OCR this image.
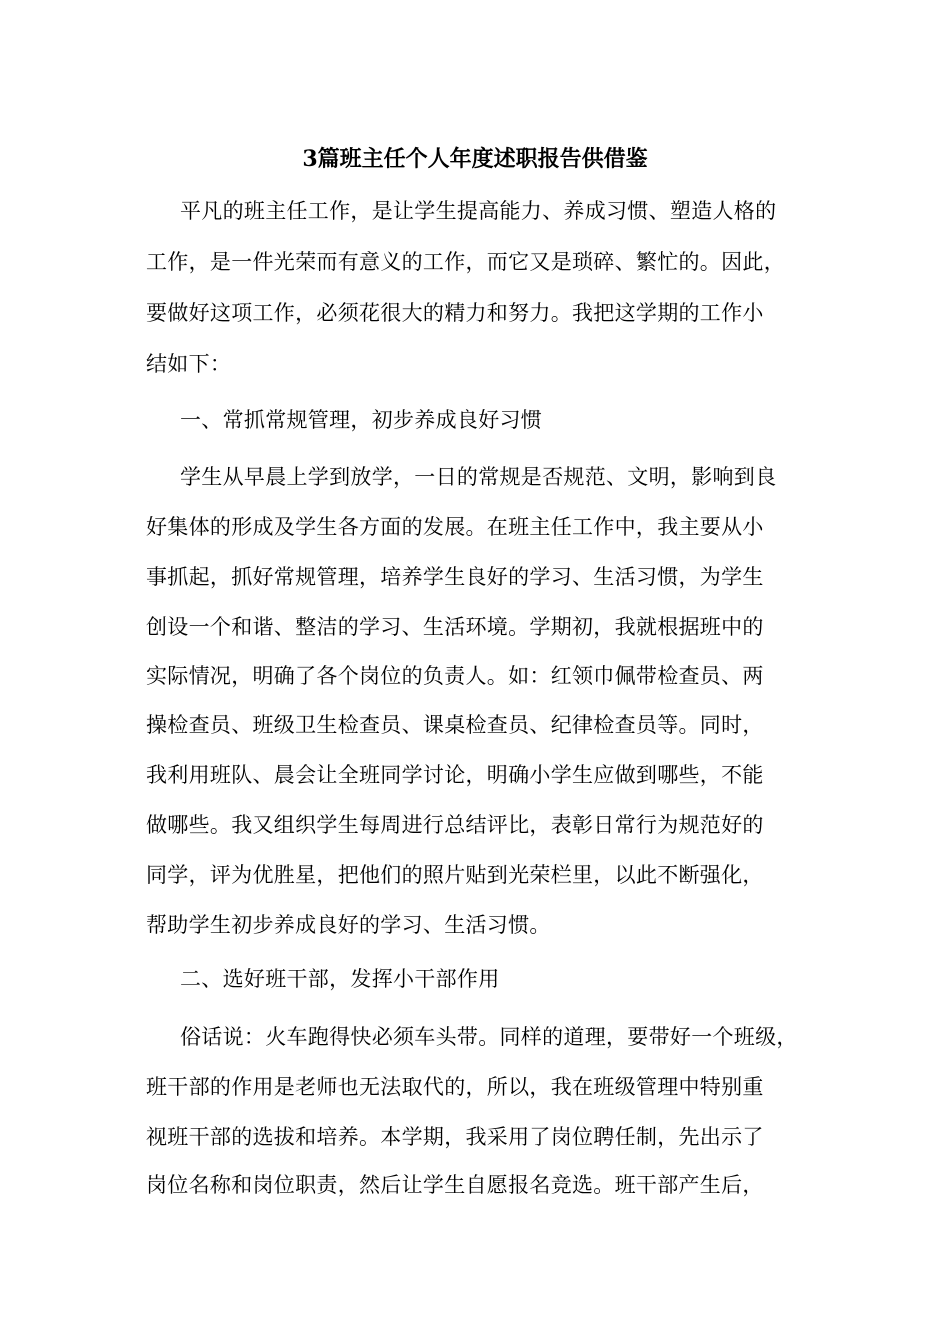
3篇班主任个人年度述职报告供借鉴
平凡的班主任工作，是让学生提高能力、养成习惯、塑造人格的
工作，是一件光荣而有意义的工作，而它又是琐碎、繁忙的。因此，
要做好这项工作，必须花很大的精力和努力。我把这学期的工作小
结如下：
一、常抓常规管理，初步养成良好习惯
学生从早晨上学到放学，一日的常规是否规范、文明，影响到良
好集体的形成及学生各方面的发展。在班主任工作中，我主要从小
事抓起，抓好常规管理，培养学生良好的学习、生活习惯，为学生
创设一个和谐、整洁的学习、生活环境。学期初，我就根据班中的
实际情况，明确了各个岗位的负责人。如：红领巾佩带检查员、两
操检查员、班级卫生检查员、课桌检查员、纪律检查员等。同时，
我利用班队、晨会让全班同学讨论，明确小学生应做到哪些，不能
做哪些。我又组织学生每周进行总结评比，表彰日常行为规范好的
同学，评为优胜星，把他们的照片贴到光荣栏里，以此不断强化，
帮助学生初步养成良好的学习、生活习惯。
二、选好班干部，发挥小干部作用
俗话说：火车跑得快必须车头带。同样的道理，要带好一个班级，
班干部的作用是老师也无法取代的，所以，我在班级管理中特别重
视班干部的选拔和培养。本学期，我采用了岗位聘任制，先出示了
岗位名称和岗位职责，然后让学生自愿报名竞选。班干部产生后，
